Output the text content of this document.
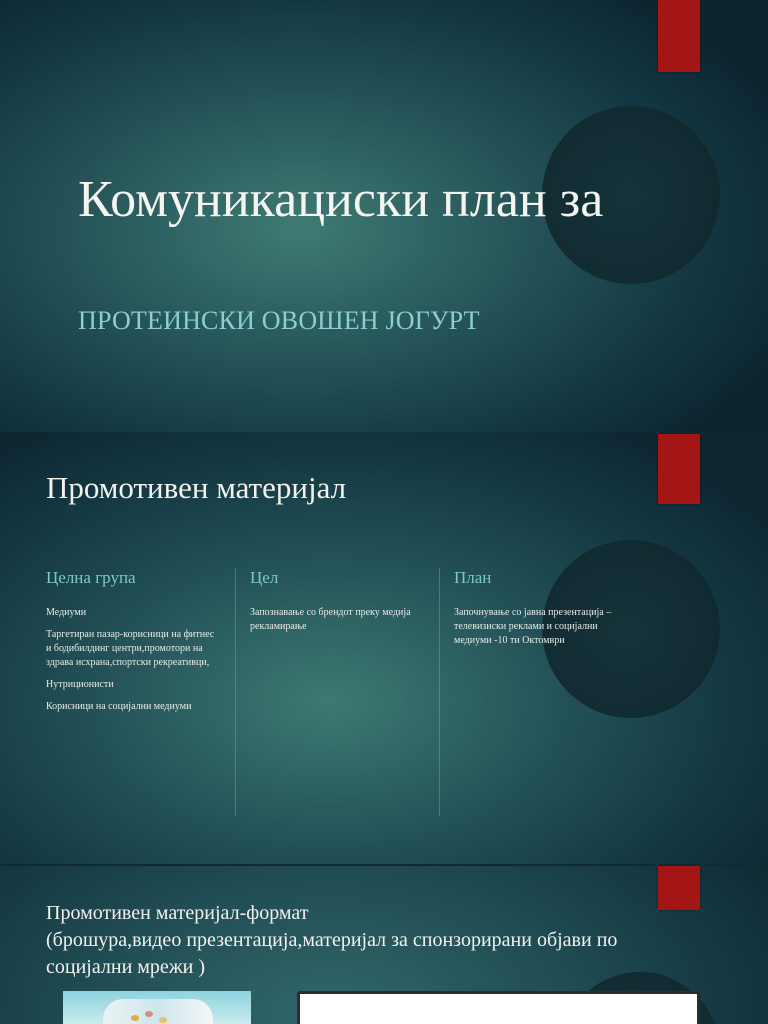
Комуникациски план за

ПРОТЕИНСКИ ОВОШЕН ЈОГУРТ

Промотивен материјал
Целна група

Медиуми

Таргетиран пазар-корисници на фитнес и бодибилдинг центри,промотори на здрава исхрана,спортски рекреативци,

Нутриционисти

Корисници на социјални медиуми

Цел

Запознавање со брендот преку медија рекламирање

План

Започнување со јавна презентација –телевизиски реклами и социјални медиуми -10 ти Октомври

Промотивен материјал-формат
(брошура,видео презентација,материјал за спонзорирани објави по социјални мрежи )
